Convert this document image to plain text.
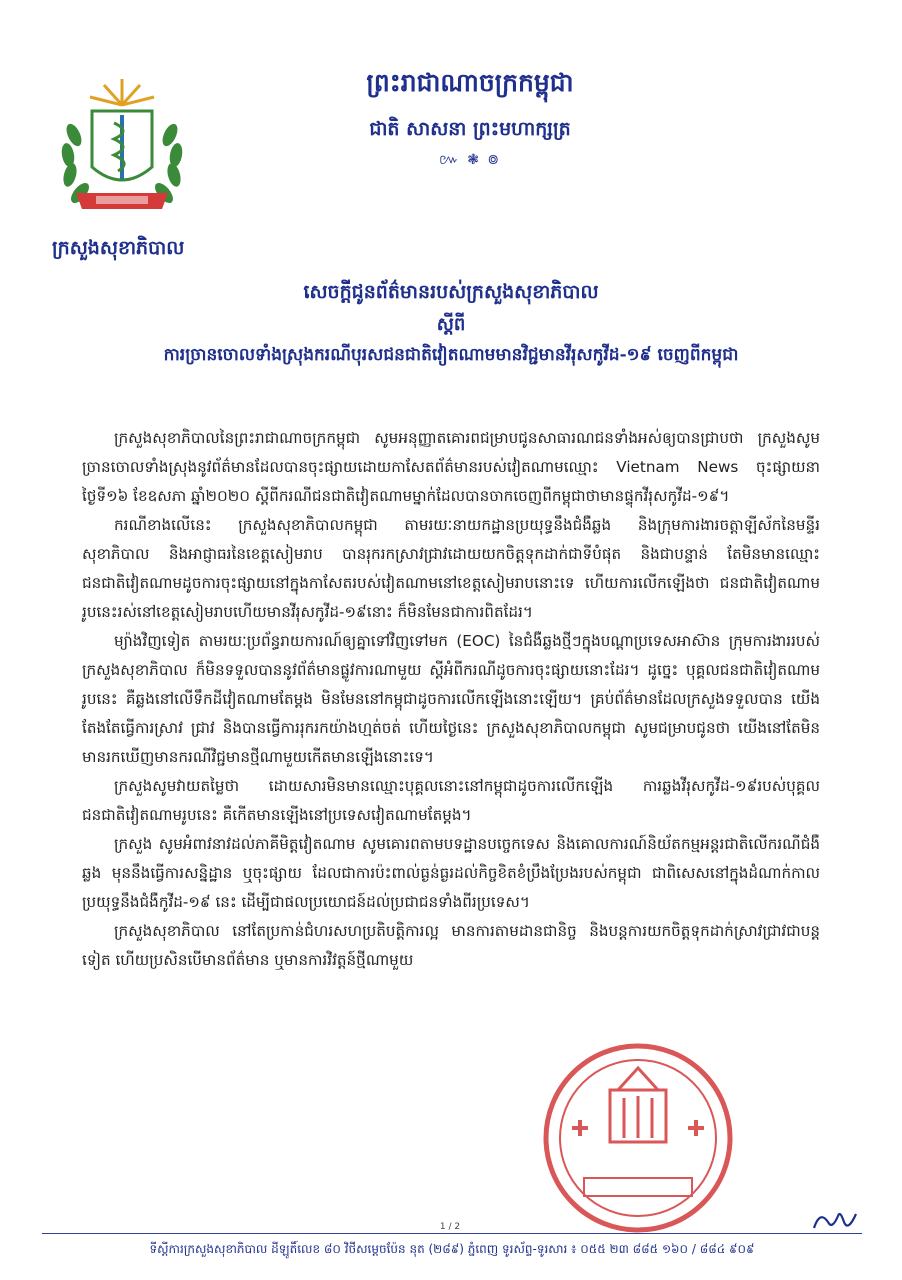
ក្រសួងសុខាភិបាល
ព្រះរាជាណាចក្រកម្ពុជា
ជាតិ សាសនា ព្រះមហាក្សត្រ
៚ ❃ ៙
សេចក្តីជូនព័ត៌មានរបស់ក្រសួងសុខាភិបាល
ស្តីពី
ការច្រានចោលទាំងស្រុងករណីបុរសជនជាតិវៀតណាមមានវិជ្ជមានវីរុសកូវីដ-១៩ ចេញពីកម្ពុជា

ក្រសួងសុខាភិបាលនៃព្រះរាជាណាចក្រកម្ពុជា សូមអនុញ្ញាតគោរពជម្រាបជូនសាធារណជនទាំងអស់ឲ្យបានជ្រាបថា ក្រសួងសូមច្រានចោលទាំងស្រុងនូវព័ត៌មានដែលបានចុះផ្សាយដោយកាសែតព័ត៌មានរបស់វៀតណាមឈ្មោះ Vietnam News ចុះផ្សាយនាថ្ងៃទី១៦ ខែឧសភា ឆ្នាំ២០២០ ស្តីពីករណីជនជាតិវៀតណាមម្នាក់ដែលបានចាកចេញពីកម្ពុជាថាមានផ្ទុកវីរុសកូវីដ-១៩។

ករណីខាងលើនេះ ក្រសួងសុខាភិបាលកម្ពុជា តាមរយៈនាយកដ្ឋានប្រយុទ្ធនឹងជំងឺឆ្លង និងក្រុមការងារចត្តាឡីស័កនៃមន្ទីរសុខាភិបាល និងអាជ្ញាធរនៃខេត្តសៀមរាប បានរុករកស្រាវជ្រាវដោយយកចិត្តទុកដាក់ជាទីបំផុត និងជាបន្ទាន់ តែមិនមានឈ្មោះជនជាតិវៀតណាមដូចការចុះផ្សាយនៅក្នុងកាសែតរបស់វៀតណាមនៅខេត្តសៀមរាបនោះទេ ហើយការលើកឡើងថា ជនជាតិវៀតណាមរូបនេះរស់នៅខេត្តសៀមរាបហើយមានវីរុសកូវីដ-១៩នោះ ក៏មិនមែនជាការពិតដែរ។

ម្យ៉ាងវិញទៀត តាមរយៈប្រព័ន្ធរាយការណ៍ឲ្យគ្នាទៅវិញទៅមក (EOC) នៃជំងឺឆ្លងថ្មីៗក្នុងបណ្តាប្រទេសអាស៊ាន ក្រុមការងាររបស់ក្រសួងសុខាភិបាល ក៏មិនទទួលបាននូវព័ត៌មានផ្លូវការណាមួយ ស្តីអំពីករណីដូចការចុះផ្សាយនោះដែរ។ ដូច្នេះ បុគ្គលជនជាតិវៀតណាមរូបនេះ គឺឆ្លងនៅលើទឹកដីវៀតណាមតែម្តង មិនមែននៅកម្ពុជាដូចការលើកឡើងនោះឡើយ។ គ្រប់ព័ត៌មានដែលក្រសួងទទួលបាន យើងតែងតែធ្វើការស្រាវ ជ្រាវ និងបានធ្វើការរុករកយ៉ាងហ្មត់ចត់ ហើយថ្ងៃនេះ ក្រសួងសុខាភិបាលកម្ពុជា សូមជម្រាបជូនថា យើងនៅតែមិនមានរកឃើញមានករណីវិជ្ជមានថ្មីណាមួយកើតមានឡើងនោះទេ។

ក្រសួងសូមវាយតម្លៃថា ដោយសារមិនមានឈ្មោះបុគ្គលនោះនៅកម្ពុជាដូចការលើកឡើង ការឆ្លងវីរុសកូវីដ-១៩របស់បុគ្គលជនជាតិវៀតណាមរូបនេះ គឺកើតមានឡើងនៅប្រទេសវៀតណាមតែម្តង។

ក្រសួង សូមអំពាវនាវដល់ភាគីមិត្តវៀតណាម សូមគោរពតាមបទដ្ឋានបច្ចេកទេស និងគោលការណ៍និយ័តកម្មអន្តរជាតិលើករណីជំងឺឆ្លង មុននឹងធ្វើការសន្និដ្ឋាន ឬចុះផ្សាយ ដែលជាការប៉ះពាល់ធ្ងន់ធ្ងរដល់កិច្ចខិតខំប្រឹងប្រែងរបស់កម្ពុជា ជាពិសេសនៅក្នុងដំណាក់កាលប្រយុទ្ធនឹងជំងឺកូវីដ-១៩ នេះ ដើម្បីជាផលប្រយោជន៍ដល់ប្រជាជនទាំងពីរប្រទេស។

ក្រសួងសុខាភិបាល នៅតែប្រកាន់ជំហរសហប្រតិបត្តិការល្អ មានការតាមដានជានិច្ច និងបន្តការយកចិត្តទុកដាក់ស្រាវជ្រាវជាបន្តទៀត ហើយប្រសិនបើមានព័ត៌មាន ឬមានការវិវត្តន៍ថ្មីណាមួយ

1 / 2
ទីស្តីការក្រសួងសុខាភិបាល ដីឡូតិ៍លេខ ៨០ វិថីសម្តេចប៉ែន នុត (២៨៩) ភ្នំពេញ ទូរស័ព្ទ-ទូរសារ ៖ ០៥៥ ២៣ ៨៨៥ ១៦០ / ៨៨៤ ៩០៩
